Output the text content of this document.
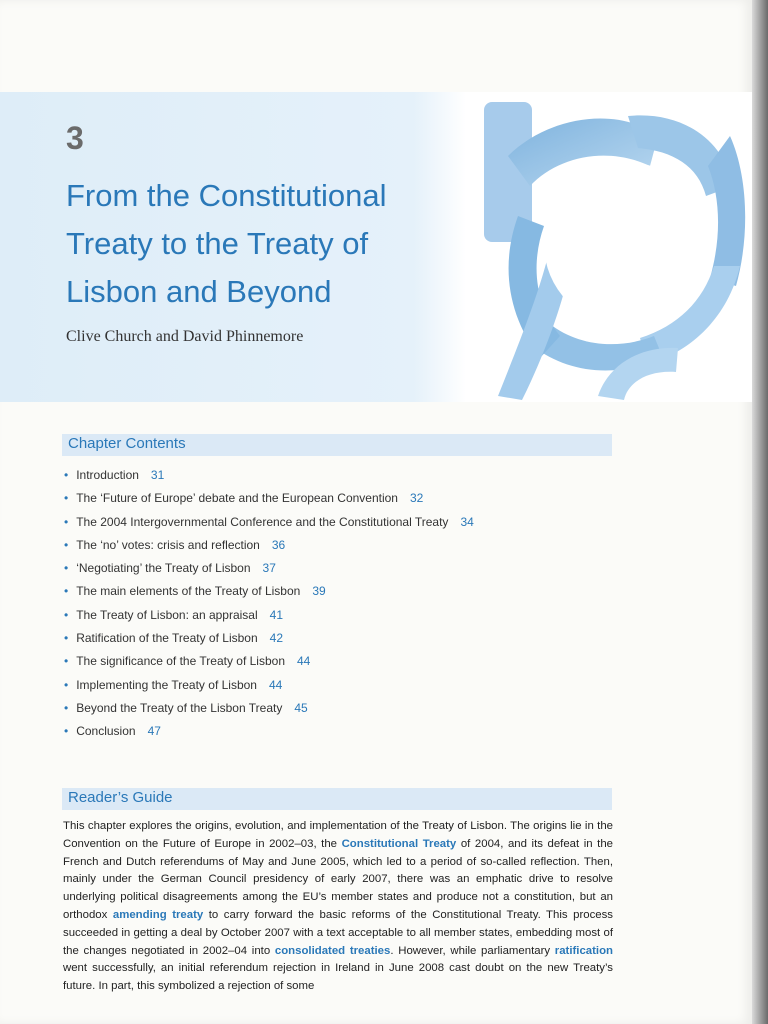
3
From the Constitutional Treaty to the Treaty of Lisbon and Beyond
Clive Church and David Phinnemore
Chapter Contents
• Introduction 31
• The ‘Future of Europe’ debate and the European Convention 32
• The 2004 Intergovernmental Conference and the Constitutional Treaty 34
• The ‘no’ votes: crisis and reflection 36
• ‘Negotiating’ the Treaty of Lisbon 37
• The main elements of the Treaty of Lisbon 39
• The Treaty of Lisbon: an appraisal 41
• Ratification of the Treaty of Lisbon 42
• The significance of the Treaty of Lisbon 44
• Implementing the Treaty of Lisbon 44
• Beyond the Treaty of the Lisbon Treaty 45
• Conclusion 47
Reader’s Guide

This chapter explores the origins, evolution, and implementation of the Treaty of Lisbon. The origins lie in the Convention on the Future of Europe in 2002–03, the Constitutional Treaty of 2004, and its defeat in the French and Dutch referendums of May and June 2005, which led to a period of so-called reflection. Then, mainly under the German Council presidency of early 2007, there was an emphatic drive to resolve underlying political disagreements among the EU’s member states and produce not a constitution, but an orthodox amending treaty to carry forward the basic reforms of the Constitutional Treaty. This process succeeded in getting a deal by October 2007 with a text acceptable to all member states, embedding most of the changes negotiated in 2002–04 into consolidated treaties. However, while parliamentary ratification went successfully, an initial referendum rejection in Ireland in June 2008 cast doubt on the new Treaty’s future. In part, this symbolized a rejection of some
